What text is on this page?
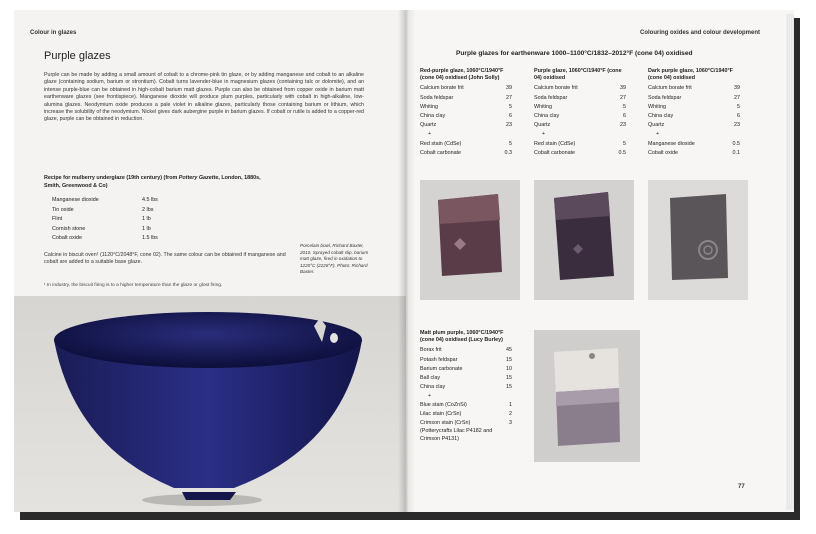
Colour in glazes
Purple glazes

Purple can be made by adding a small amount of cobalt to a chrome-pink tin glaze, or by adding manganese and cobalt to an alkaline glaze (containing sodium, barium or strontium). Cobalt turns lavender-blue in magnesium glazes (containing talc or dolomite), and an intense purple-blue can be obtained in high-cobalt barium matt glazes. Purple can also be obtained from copper oxide in barium matt earthenware glazes (see frontispiece). Manganese dioxide will produce plum purples, particularly with cobalt in high-alkaline, low-alumina glazes. Neodymium oxide produces a pale violet in alkaline glazes, particularly those containing barium or lithium, which increase the solubility of the neodymium. Nickel gives dark aubergine purple in barium glazes. If cobalt or rutile is added to a copper-red glaze, purple can be obtained in reduction.

Recipe for mulberry underglaze (19th century) (from Pottery Gazette, London, 1880s, Smith, Greenwood & Co)
Manganese dioxide	4.5 lbs
Tin oxide	2 lbs
Flint	1 lb
Cornish stone	1 lb
Cobalt oxide	1.5 lbs
Calcine in biscuit oven¹ (1120°C/2048°F, cone 02). The same colour can be obtained if manganese and cobalt are added to a suitable base glaze.
¹ In industry, the biscuit firing is to a higher temperature than the glaze or glost firing.
Porcelain bowl, Richard Baxter, 2010. Sprayed cobalt slip, barium matt glaze, fired in oxidation to 1220°C (2228°F). Photo: Richard Baxter.
Colouring oxides and colour development
Purple glazes for earthenware 1000–1100°C/1832–2012°F (cone 04) oxidised
Red-purple glaze, 1060°C/1940°F (cone 04) oxidised (John Solly)
Calcium borate frit	39
Soda feldspar	27
Whiting	5
China clay	6
Quartz	23
+
Red stain (CdSe)	5
Cobalt carbonate	0.3
Purple glaze, 1060°C/1940°F (cone 04) oxidised
Calcium borate frit	39
Soda feldspar	27
Whiting	5
China clay	6
Quartz	23
+
Red stain (CdSe)	5
Cobalt carbonate	0.5
Dark purple glaze, 1060°C/1940°F (cone 04) oxidised
Calcium borate frit	39
Soda feldspar	27
Whiting	5
China clay	6
Quartz	23
+
Manganese dioxide	0.5
Cobalt oxide	0.1
Matt plum purple, 1060°C/1940°F (cone 04) oxidised (Lucy Burley)
Borax frit	45
Potash feldspar	15
Barium carbonate	10
Ball clay	15
China clay	15
+
Blue stain (CoZnSi)	1
Lilac stain (CrSn)	2
Crimson stain (CrSn)	3
(Potterycrafts Lilac P4182 and Crimson P4131)
77
